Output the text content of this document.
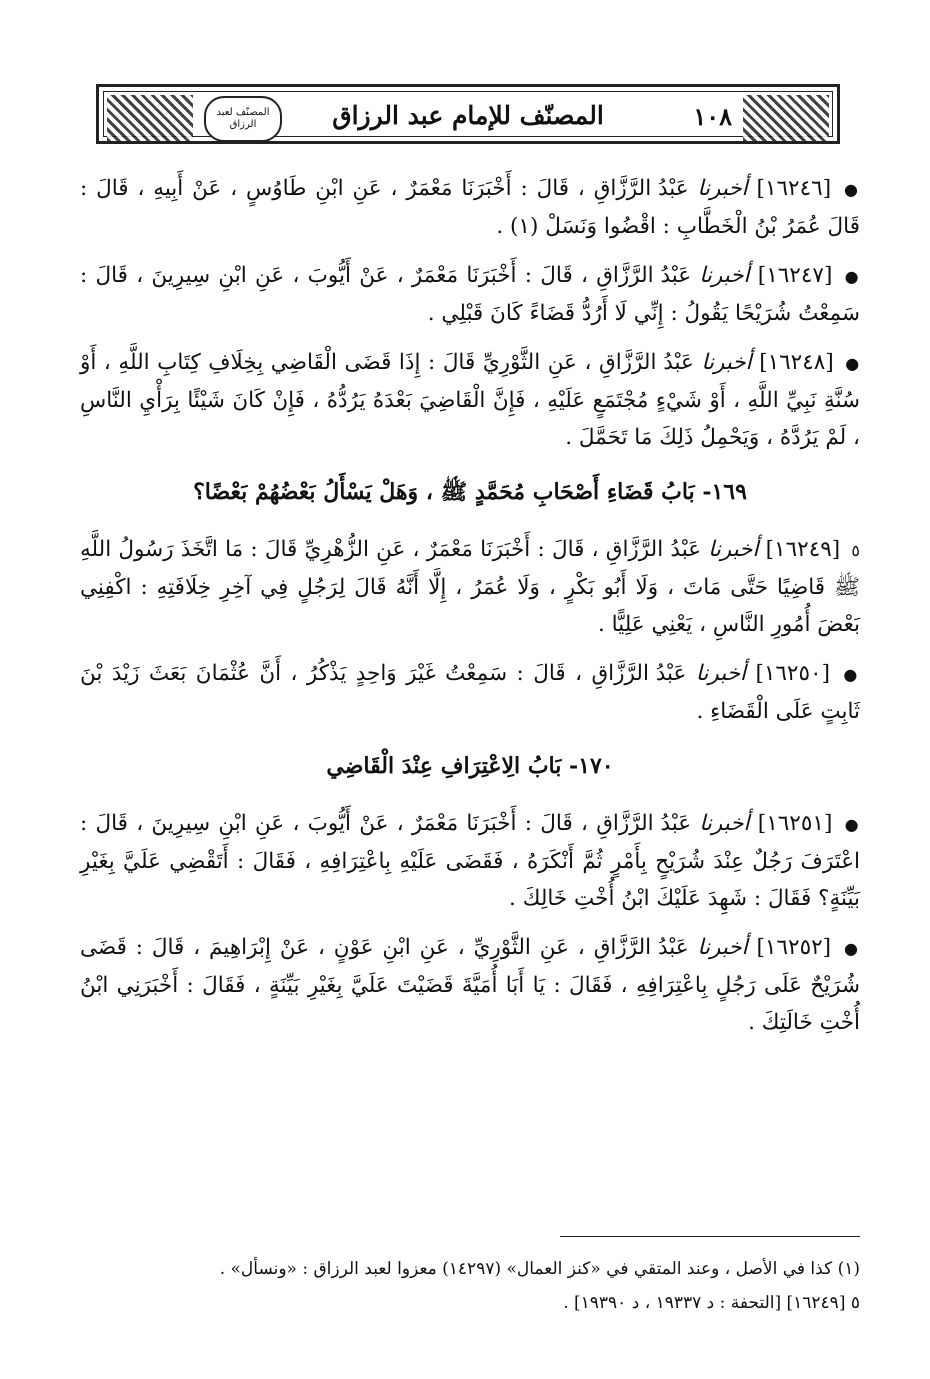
المصنّف لعبد الرزاق	١٠٨
المصنّف للإمام عبد الرزاق

● [١٦٢٤٦] أخبرنا عَبْدُ الرَّزَّاقِ ، قَالَ : أَخْبَرَنَا مَعْمَرٌ ، عَنِ ابْنِ طَاوُسٍ ، عَنْ أَبِيهِ ، قَالَ : قَالَ عُمَرُ بْنُ الْخَطَّابِ : اقْضُوا وَنَسَلْ (١) .

● [١٦٢٤٧] أخبرنا عَبْدُ الرَّزَّاقِ ، قَالَ : أَخْبَرَنَا مَعْمَرٌ ، عَنْ أَيُّوبَ ، عَنِ ابْنِ سِيرِينَ ، قَالَ : سَمِعْتُ شُرَيْحًا يَقُولُ : إِنِّي لَا أَرُدُّ قَضَاءً كَانَ قَبْلِي .

● [١٦٢٤٨] أخبرنا عَبْدُ الرَّزَّاقِ ، عَنِ الثَّوْرِيِّ قَالَ : إِذَا قَضَى الْقَاضِي بِخِلَافِ كِتَابِ اللَّهِ ، أَوْ سُنَّةِ نَبِيِّ اللَّهِ ، أَوْ شَيْءٍ مُجْتَمَعٍ عَلَيْهِ ، فَإِنَّ الْقَاضِيَ بَعْدَهُ يَرُدُّهُ ، فَإِنْ كَانَ شَيْئًا بِرَأْيِ النَّاسِ ، لَمْ يَرُدَّهُ ، وَيَحْمِلُ ذَلِكَ مَا تَحَمَّلَ .

١٦٩- بَابُ قَضَاءِ أَصْحَابِ مُحَمَّدٍ ﷺ ، وَهَلْ يَسْأَلُ بَعْضُهُمْ بَعْضًا؟

٥ [١٦٢٤٩] أخبرنا عَبْدُ الرَّزَّاقِ ، قَالَ : أَخْبَرَنَا مَعْمَرٌ ، عَنِ الزُّهْرِيِّ قَالَ : مَا اتَّخَذَ رَسُولُ اللَّهِ ﷺ قَاضِيًا حَتَّى مَاتَ ، وَلَا أَبُو بَكْرٍ ، وَلَا عُمَرُ ، إِلَّا أَنَّهُ قَالَ لِرَجُلٍ فِي آخِرِ خِلَافَتِهِ : اكْفِنِي بَعْضَ أُمُورِ النَّاسِ ، يَعْنِي عَلِيًّا .

● [١٦٢٥٠] أخبرنا عَبْدُ الرَّزَّاقِ ، قَالَ : سَمِعْتُ غَيْرَ وَاحِدٍ يَذْكُرُ ، أَنَّ عُثْمَانَ بَعَثَ زَيْدَ بْنَ ثَابِتٍ عَلَى الْقَضَاءِ .

١٧٠- بَابُ الِاعْتِرَافِ عِنْدَ الْقَاضِي

● [١٦٢٥١] أخبرنا عَبْدُ الرَّزَّاقِ ، قَالَ : أَخْبَرَنَا مَعْمَرٌ ، عَنْ أَيُّوبَ ، عَنِ ابْنِ سِيرِينَ ، قَالَ : اعْتَرَفَ رَجُلٌ عِنْدَ شُرَيْحٍ بِأَمْرٍ ثُمَّ أَنْكَرَهُ ، فَقَضَى عَلَيْهِ بِاعْتِرَافِهِ ، فَقَالَ : أَتَقْضِي عَلَيَّ بِغَيْرِ بَيِّنَةٍ؟ فَقَالَ : شَهِدَ عَلَيْكَ ابْنُ أُخْتِ خَالِكَ .

● [١٦٢٥٢] أخبرنا عَبْدُ الرَّزَّاقِ ، عَنِ الثَّوْرِيِّ ، عَنِ ابْنِ عَوْنٍ ، عَنْ إِبْرَاهِيمَ ، قَالَ : قَضَى شُرَيْحٌ عَلَى رَجُلٍ بِاعْتِرَافِهِ ، فَقَالَ : يَا أَبَا أُمَيَّةَ قَضَيْتَ عَلَيَّ بِغَيْرِ بَيِّنَةٍ ، فَقَالَ : أَخْبَرَنِي ابْنُ أُخْتِ خَالَتِكَ .

(١) كذا في الأصل ، وعند المتقي في «كنز العمال» (١٤٢٩٧) معزوا لعبد الرزاق : «ونسأل» .

٥ [١٦٢٤٩] [التحفة : د ١٩٣٣٧ ، د ١٩٣٩٠] .
